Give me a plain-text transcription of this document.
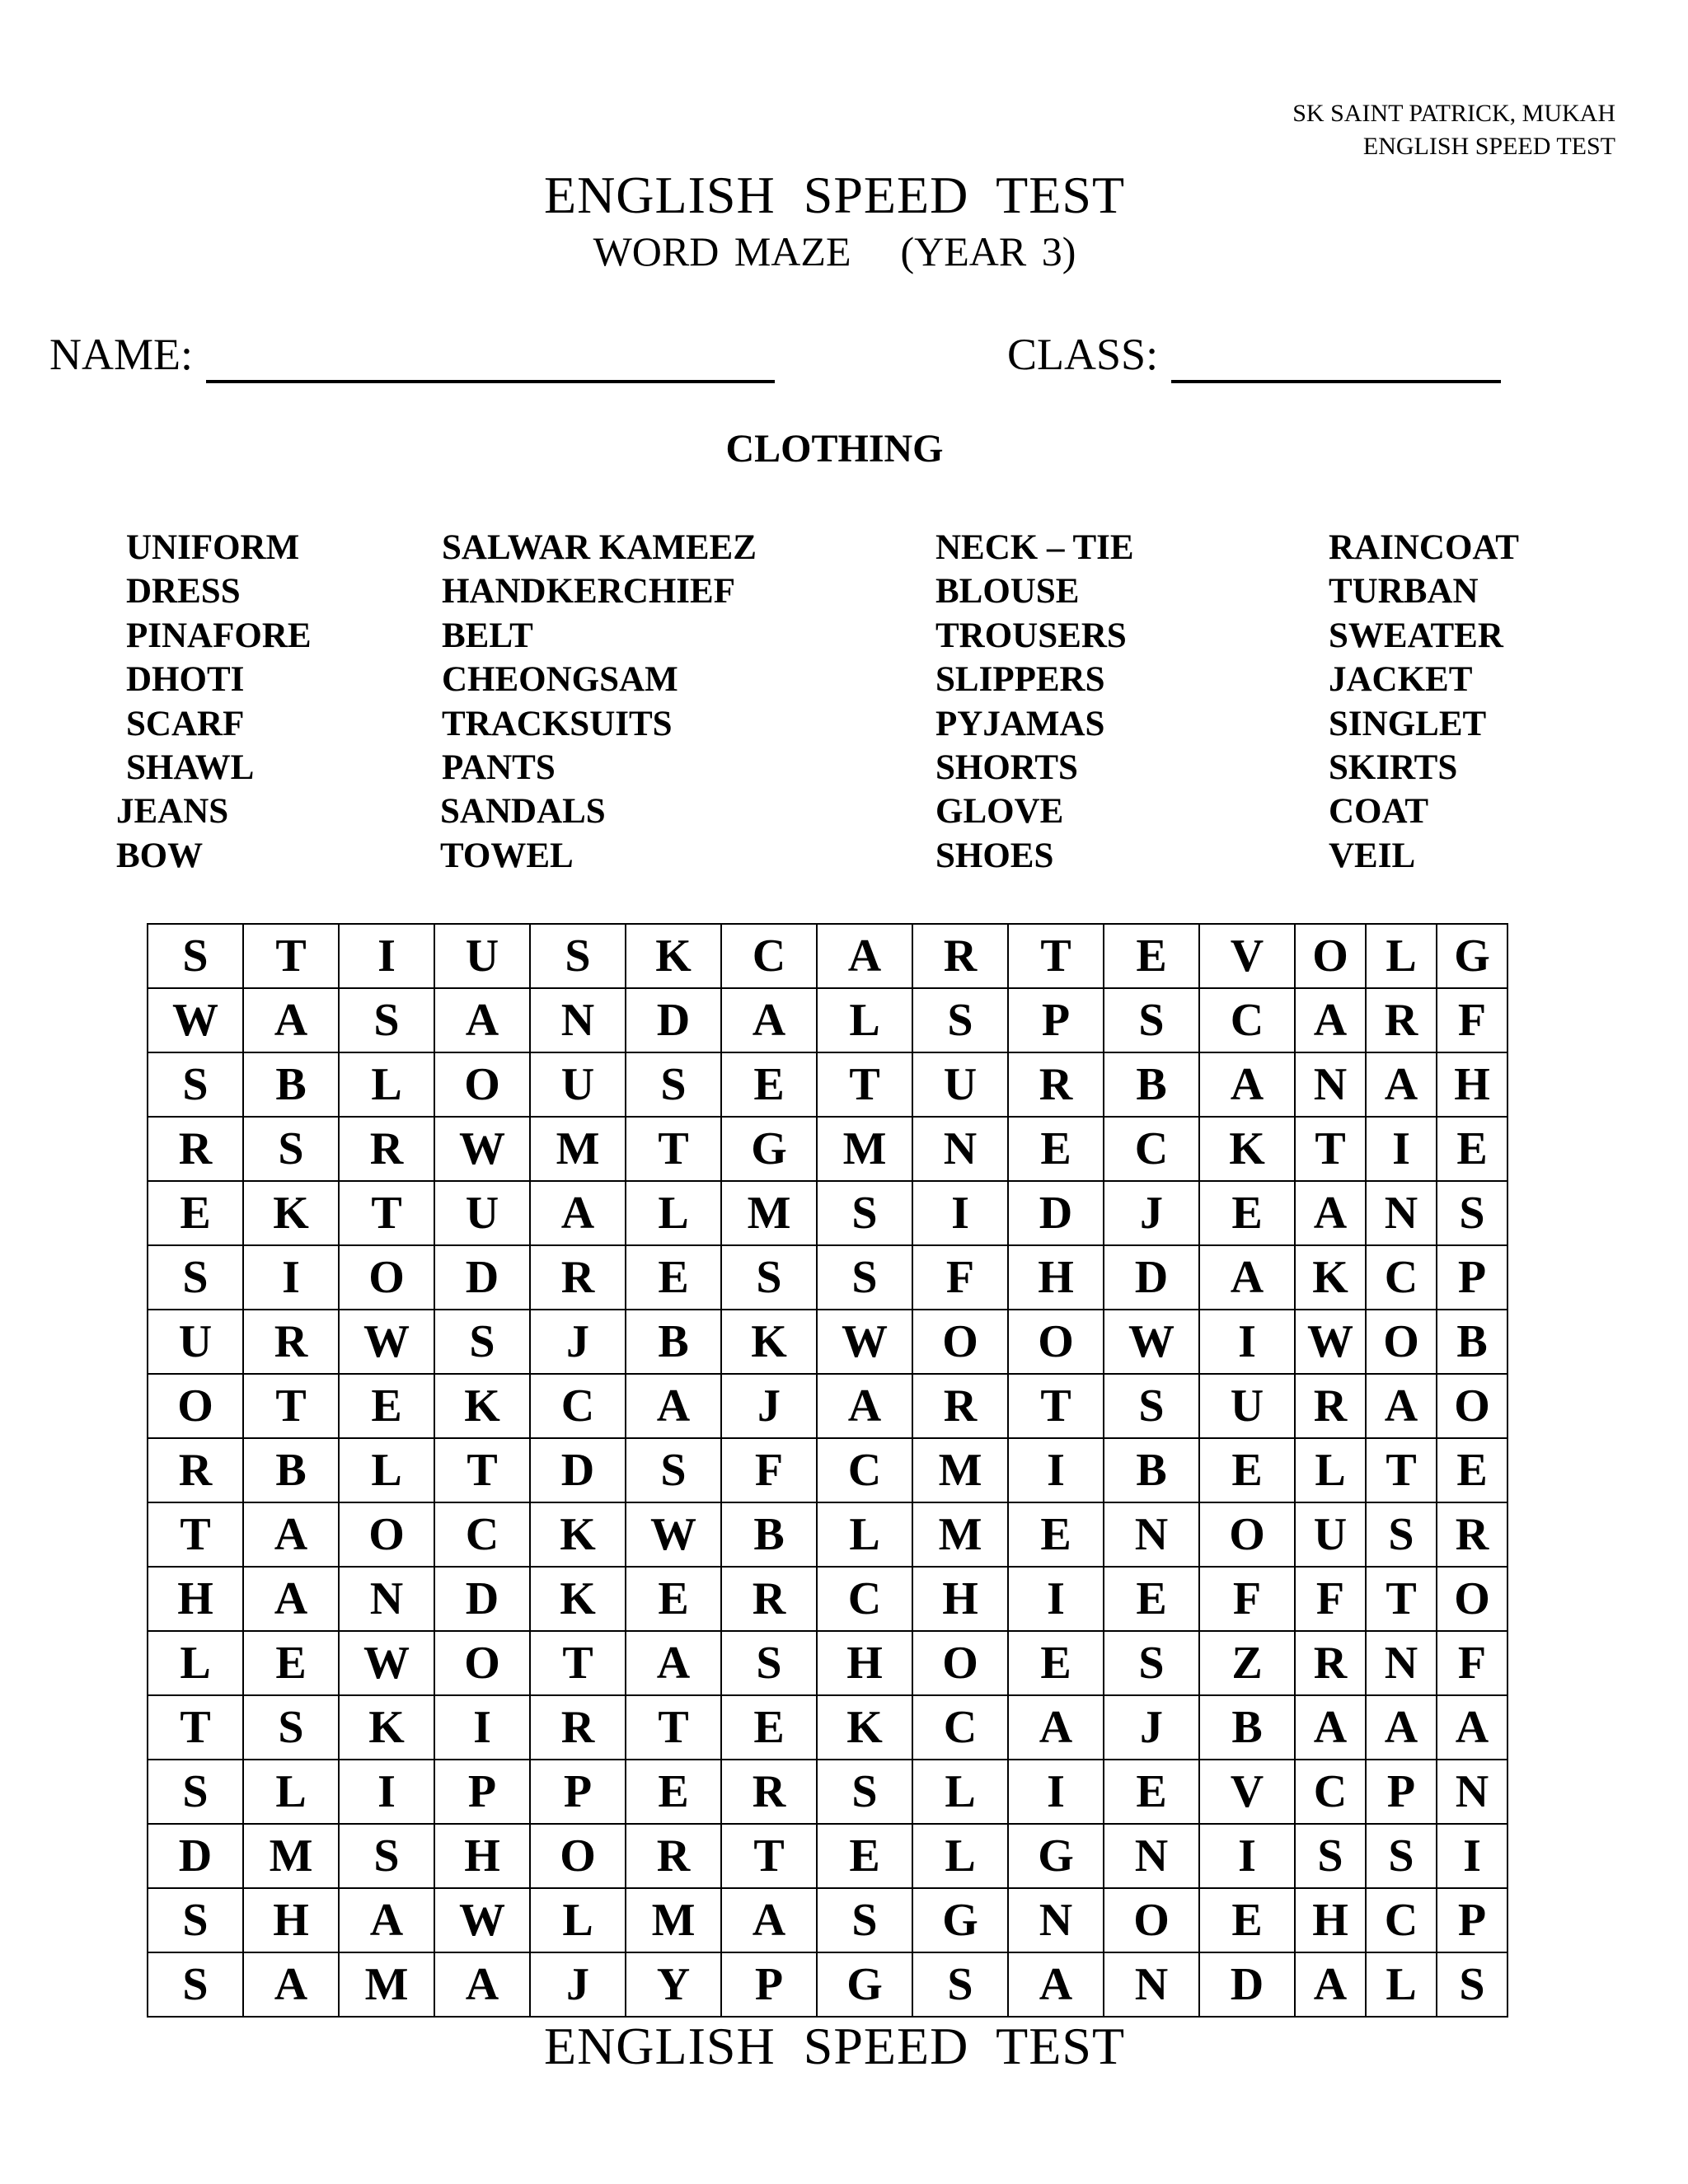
SK SAINT PATRICK, MUKAH
ENGLISH SPEED TEST
ENGLISH  SPEED  TEST
WORD MAZE (YEAR 3)
NAME:	CLASS:
CLOTHING
UNIFORM
DRESS
PINAFORE
DHOTI
SCARF
SHAWL
JEANS
BOW
SALWAR KAMEEZ
HANDKERCHIEF
BELT
CHEONGSAM
TRACKSUITS
PANTS
SANDALS
TOWEL
NECK – TIE
BLOUSE
TROUSERS
SLIPPERS
PYJAMAS
SHORTS
GLOVE
SHOES
RAINCOAT
TURBAN
SWEATER
JACKET
SINGLET
SKIRTS
COAT
VEIL
S	T	I	U	S	K	C	A	R	T	E	V	O	L	G
W	A	S	A	N	D	A	L	S	P	S	C	A	R	F
S	B	L	O	U	S	E	T	U	R	B	A	N	A	H
R	S	R	W	M	T	G	M	N	E	C	K	T	I	E
E	K	T	U	A	L	M	S	I	D	J	E	A	N	S
S	I	O	D	R	E	S	S	F	H	D	A	K	C	P
U	R	W	S	J	B	K	W	O	O	W	I	W	O	B
O	T	E	K	C	A	J	A	R	T	S	U	R	A	O
R	B	L	T	D	S	F	C	M	I	B	E	L	T	E
T	A	O	C	K	W	B	L	M	E	N	O	U	S	R
H	A	N	D	K	E	R	C	H	I	E	F	F	T	O
L	E	W	O	T	A	S	H	O	E	S	Z	R	N	F
T	S	K	I	R	T	E	K	C	A	J	B	A	A	A
S	L	I	P	P	E	R	S	L	I	E	V	C	P	N
D	M	S	H	O	R	T	E	L	G	N	I	S	S	I
S	H	A	W	L	M	A	S	G	N	O	E	H	C	P
S	A	M	A	J	Y	P	G	S	A	N	D	A	L	S
ENGLISH  SPEED  TEST
